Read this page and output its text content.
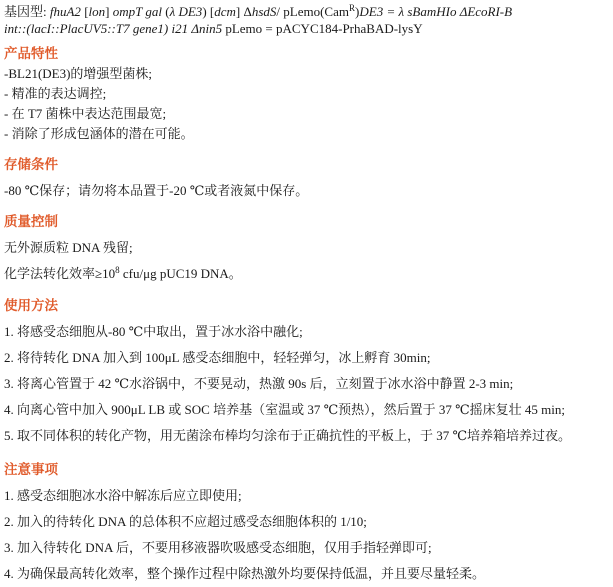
基因型: fhuA2 [lon] ompT gal (λ DE3) [dcm] ΔhsdS/ pLemo(Cam$^R$)DE3 = λ sBamHIo ΔEcoRI-B
int::(lacI::PlacUV5::T7 gene1) i21 Δnin5 pLemo = pACYC184-PrhaBAD-lysY
产品特性
-BL21(DE3)的增强型菌株;
- 精准的表达调控;
- 在 T7 菌株中表达范围最宽;
- 消除了形成包涵体的潜在可能。
存储条件
-80 ℃保存；请勿将本品置于-20 ℃或者液氮中保存。
质量控制
无外源质粒 DNA 残留;
化学法转化效率$\ge 10^8$ cfu/μg pUC19 DNA。
使用方法
1. 将感受态细胞从-80 ℃中取出，置于冰水浴中融化;
2. 将待转化 DNA 加入到 100μL 感受态细胞中，轻轻弹匀，冰上孵育 30min;
3. 将离心管置于 42 ℃水浴锅中，不要晃动，热激 90s 后，立刻置于冰水浴中静置 2-3 min;
4. 向离心管中加入 900μL LB 或 SOC 培养基（室温或 37 ℃预热），然后置于 37 ℃摇床复壮 45 min;
5. 取不同体积的转化产物，用无菌涂布棒均匀涂布于正确抗性的平板上，于 37 ℃培养箱培养过夜。
注意事项
1. 感受态细胞冰水浴中解冻后应立即使用;
2. 加入的待转化 DNA 的总体积不应超过感受态细胞体积的 1/10;
3. 加入待转化 DNA 后，不要用移液器吹吸感受态细胞，仅用手指轻弹即可;
4. 为确保最高转化效率，整个操作过程中除热激外均要保持低温，并且要尽量轻柔。
